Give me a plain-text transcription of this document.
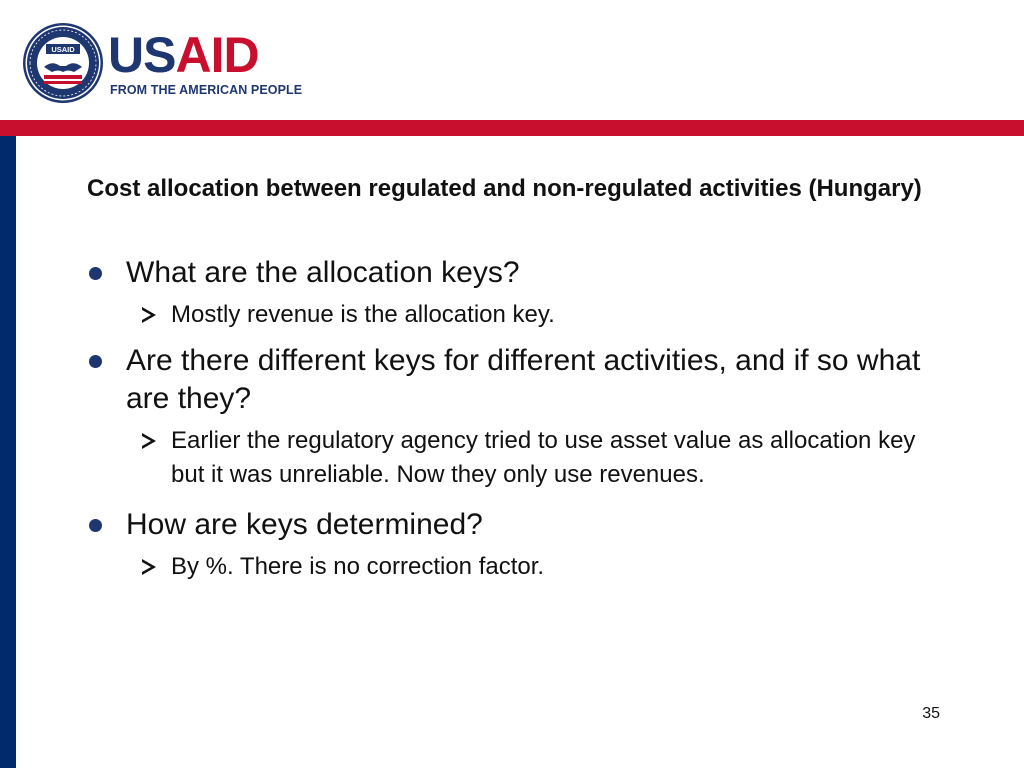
USAID USAID
FROM THE AMERICAN PEOPLE
Cost allocation between regulated and non-regulated activities (Hungary)
What are the allocation keys?
Mostly revenue is the allocation key.
Are there different keys for different activities, and if so what are they?
Earlier the regulatory agency tried to use asset value as allocation key but it was unreliable. Now they only use revenues.
How are keys determined?
By %. There is no correction factor.
35
